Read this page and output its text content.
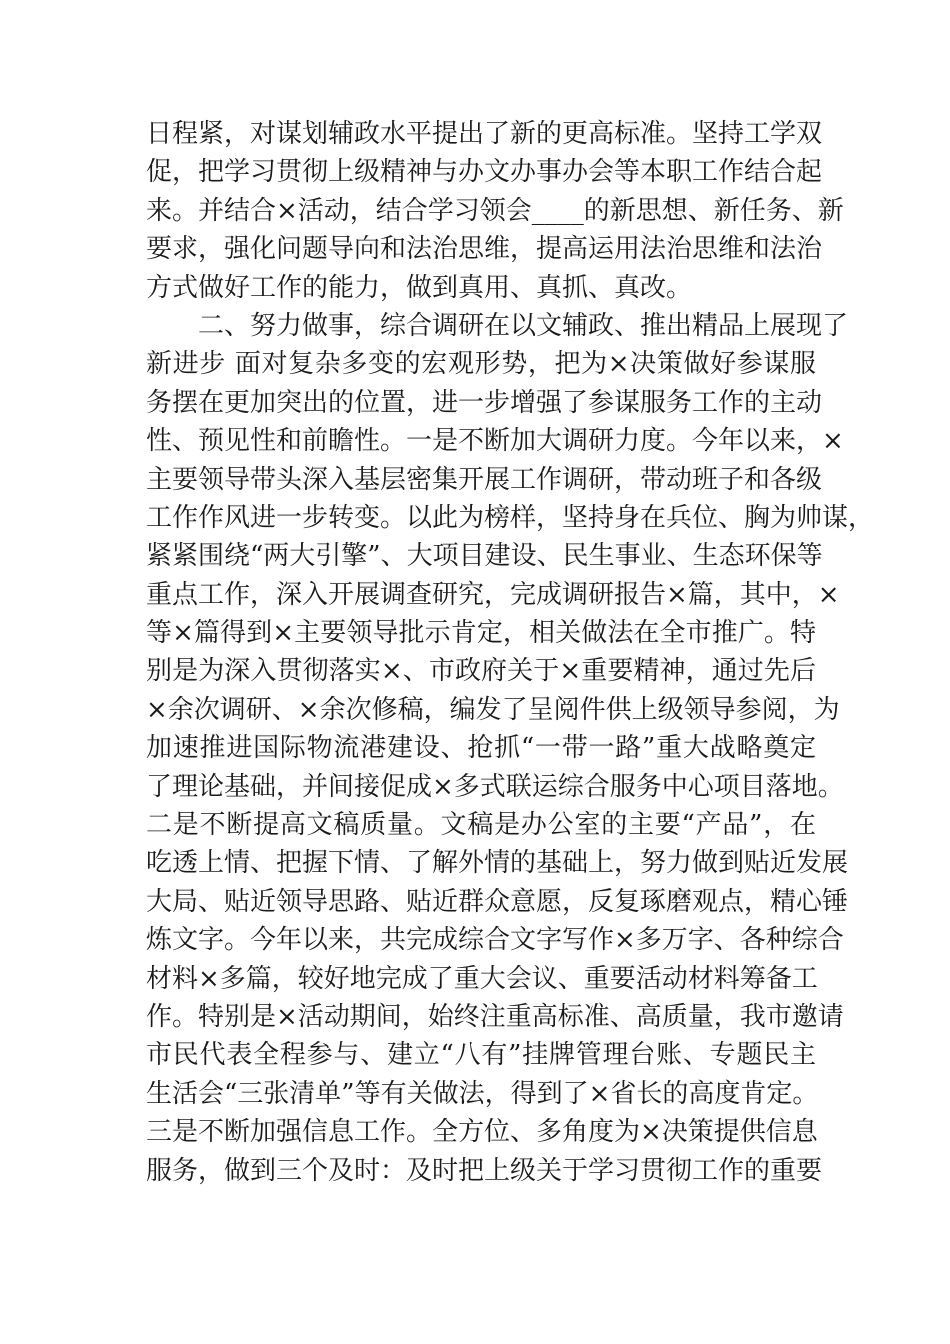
日程紧，对谋划辅政水平提出了新的更高标准。坚持工学双
促，把学习贯彻上级精神与办文办事办会等本职工作结合起
来。并结合×活动，结合学习领会____的新思想、新任务、新
要求，强化问题导向和法治思维，提高运用法治思维和法治
方式做好工作的能力，做到真用、真抓、真改。
二、努力做事，综合调研在以文辅政、推出精品上展现了
新进步 面对复杂多变的宏观形势，把为×决策做好参谋服
务摆在更加突出的位置，进一步增强了参谋服务工作的主动
性、预见性和前瞻性。一是不断加大调研力度。今年以来，×
主要领导带头深入基层密集开展工作调研，带动班子和各级
工作作风进一步转变。以此为榜样，坚持身在兵位、胸为帅谋，
紧紧围绕“两大引擎”、大项目建设、民生事业、生态环保等
重点工作，深入开展调查研究，完成调研报告×篇，其中，×
等×篇得到×主要领导批示肯定，相关做法在全市推广。特
别是为深入贯彻落实×、市政府关于×重要精神，通过先后
×余次调研、×余次修稿，编发了呈阅件供上级领导参阅，为
加速推进国际物流港建设、抢抓“一带一路”重大战略奠定
了理论基础，并间接促成×多式联运综合服务中心项目落地。
二是不断提高文稿质量。文稿是办公室的主要“产品”，在
吃透上情、把握下情、了解外情的基础上，努力做到贴近发展
大局、贴近领导思路、贴近群众意愿，反复琢磨观点，精心锤
炼文字。今年以来，共完成综合文字写作×多万字、各种综合
材料×多篇，较好地完成了重大会议、重要活动材料筹备工
作。特别是×活动期间，始终注重高标准、高质量，我市邀请
市民代表全程参与、建立“八有”挂牌管理台账、专题民主
生活会“三张清单”等有关做法，得到了×省长的高度肯定。
三是不断加强信息工作。全方位、多角度为×决策提供信息
服务，做到三个及时：及时把上级关于学习贯彻工作的重要
